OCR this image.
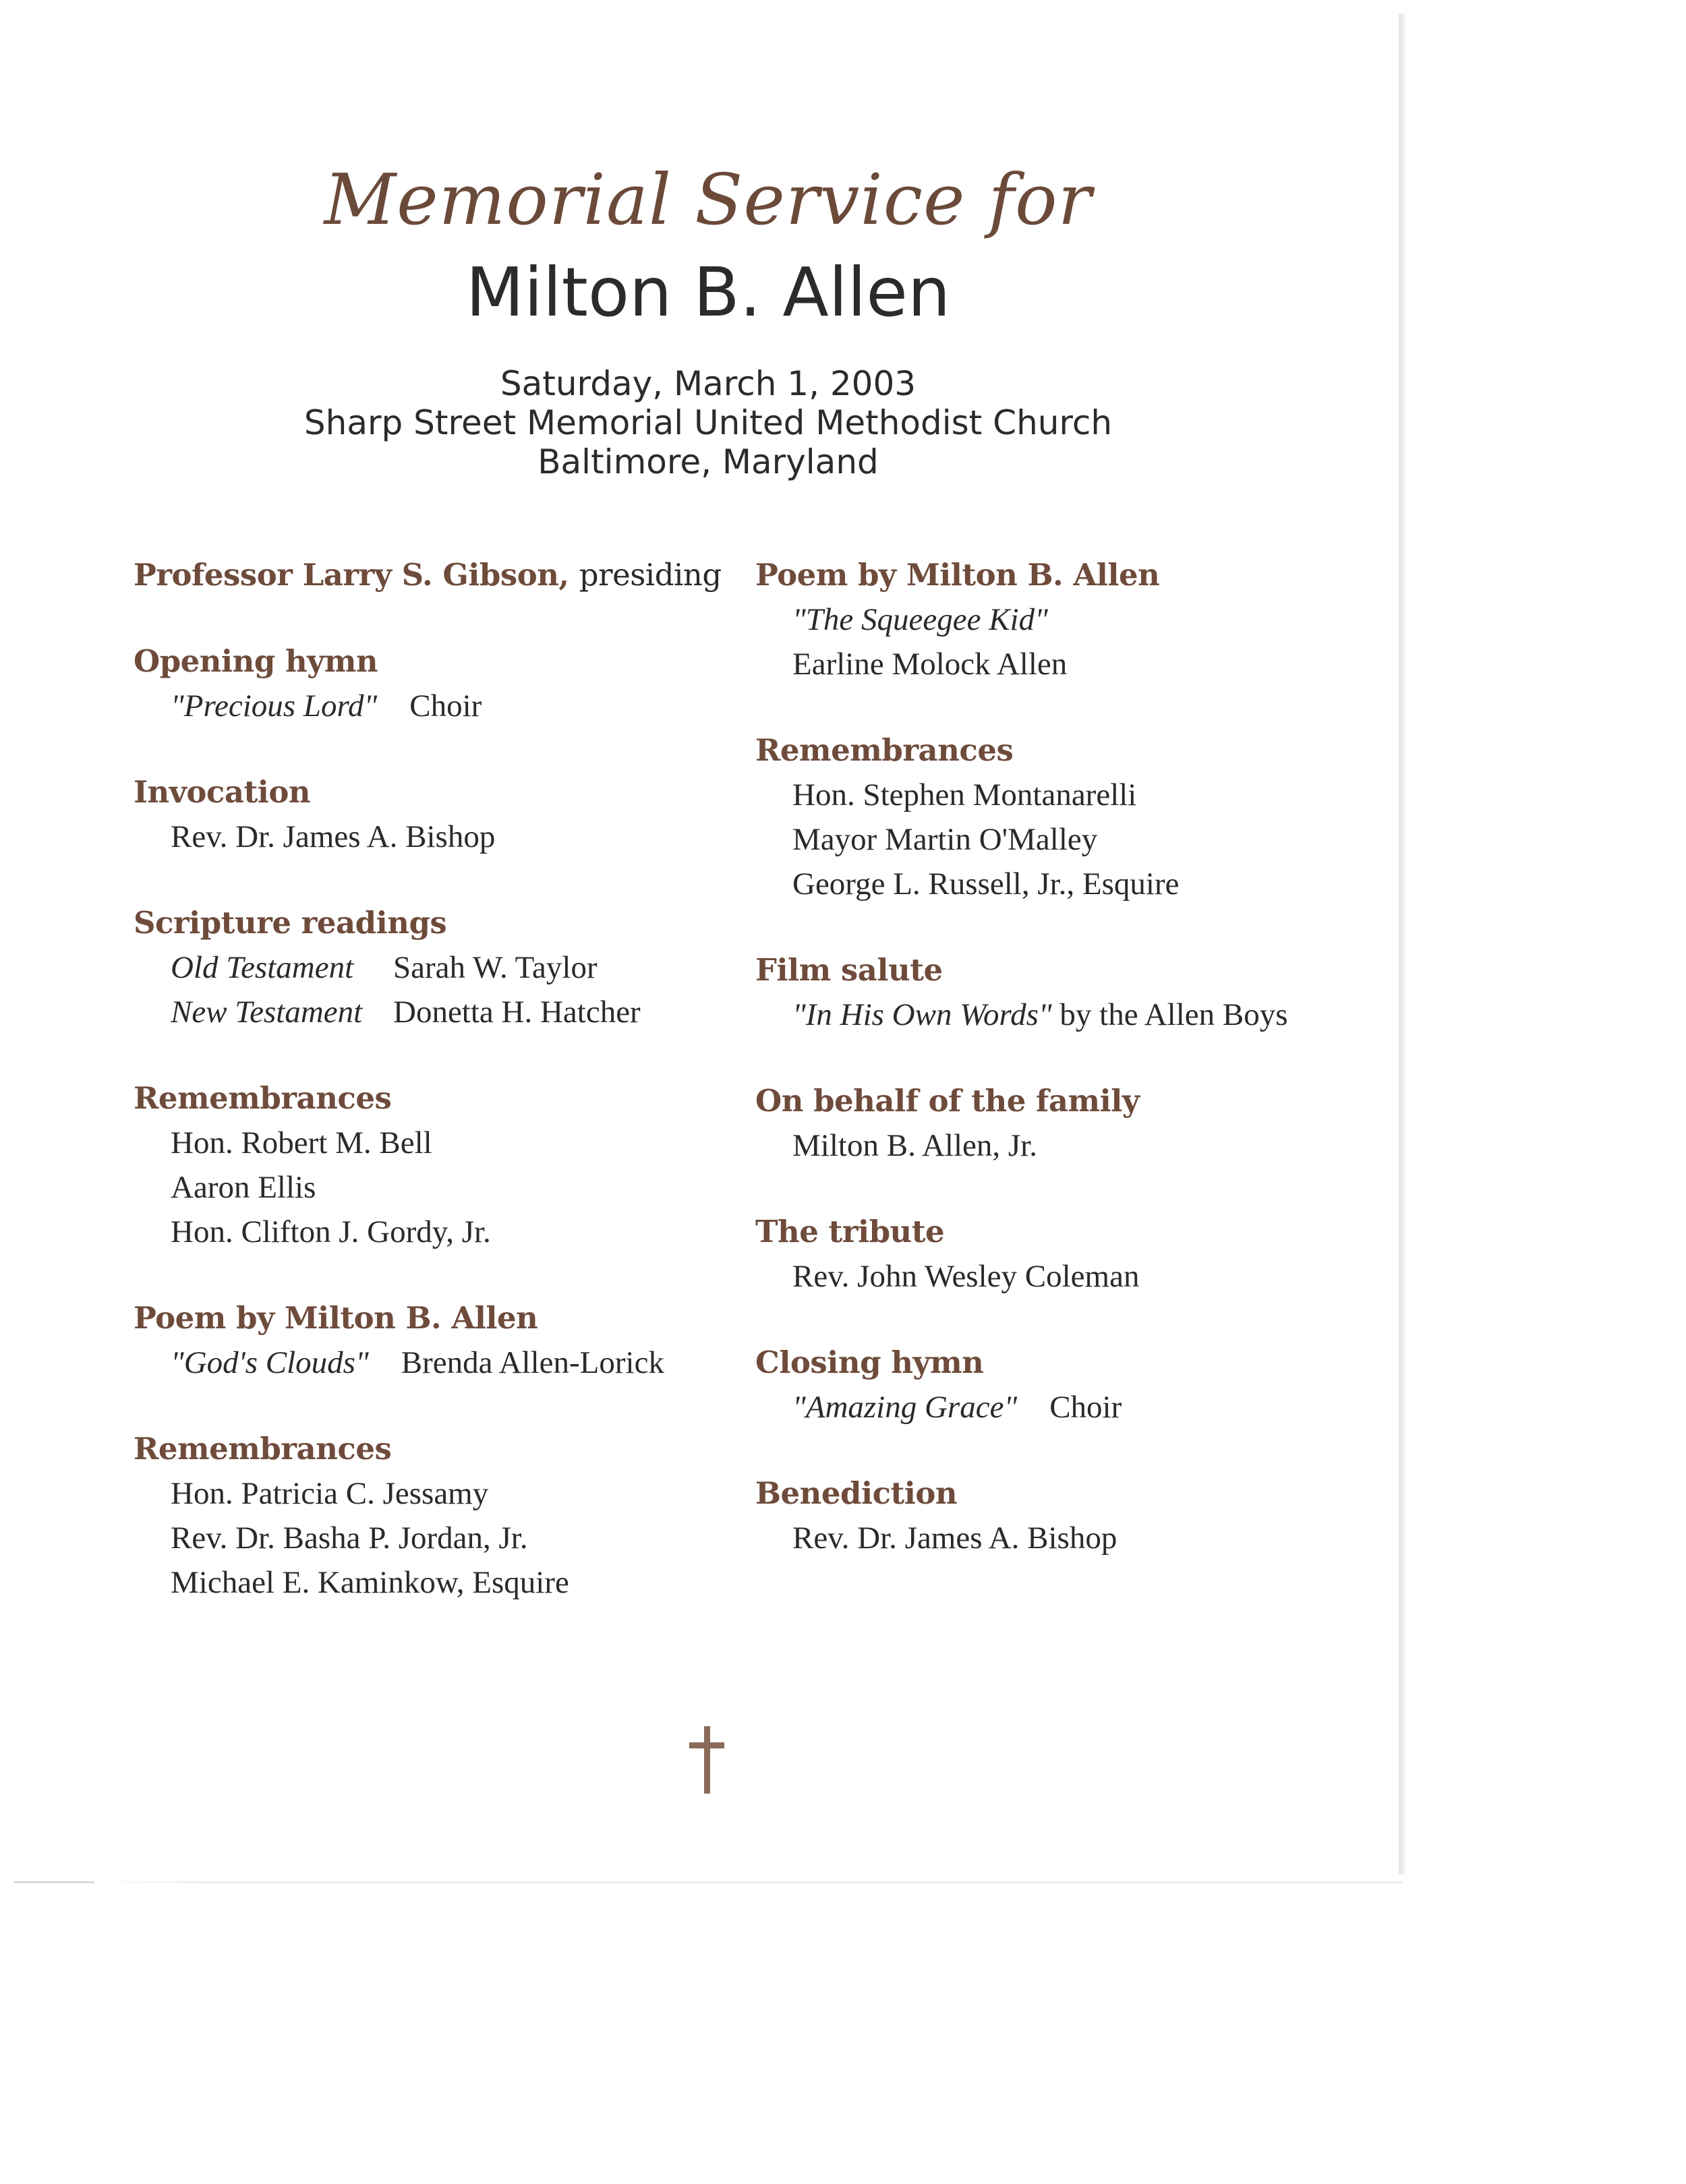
Memorial Service for
Milton B. Allen
Saturday, March 1, 2003
Sharp Street Memorial United Methodist Church
Baltimore, Maryland
Professor Larry S. Gibson, presiding
Opening hymn
"Precious Lord" Choir
Invocation
Rev. Dr. James A. Bishop
Scripture readings
Old Testament Sarah W. Taylor
New Testament Donetta H. Hatcher
Remembrances
Hon. Robert M. Bell
Aaron Ellis
Hon. Clifton J. Gordy, Jr.
Poem by Milton B. Allen
"God's Clouds" Brenda Allen-Lorick
Remembrances
Hon. Patricia C. Jessamy
Rev. Dr. Basha P. Jordan, Jr.
Michael E. Kaminkow, Esquire
Poem by Milton B. Allen
"The Squeegee Kid"
Earline Molock Allen
Remembrances
Hon. Stephen Montanarelli
Mayor Martin O'Malley
George L. Russell, Jr., Esquire
Film salute
"In His Own Words" by the Allen Boys
On behalf of the family
Milton B. Allen, Jr.
The tribute
Rev. John Wesley Coleman
Closing hymn
"Amazing Grace" Choir
Benediction
Rev. Dr. James A. Bishop
